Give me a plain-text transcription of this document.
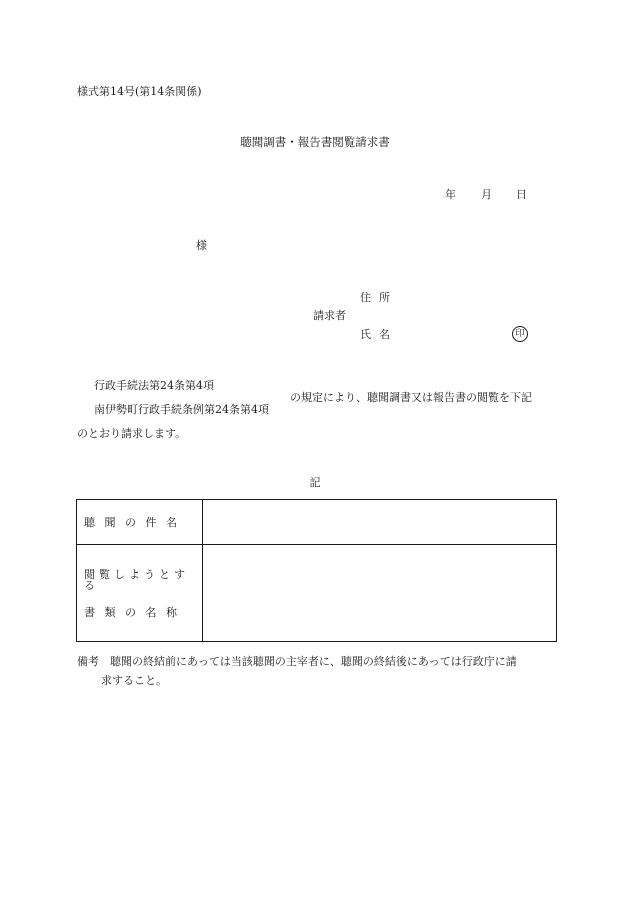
様式第14号(第14条関係)
聴聞調書・報告書閲覧請求書
年 月 日
様
請求者
住所
氏名	印
行政手続法第24条第4項
南伊勢町行政手続条例第24条第4項
の規定により、聴聞調書又は報告書の閲覧を下記
のとおり請求します。
記
聴聞の件名	

閲覧しようとする
書類の名称	

備考　聴聞の終結前にあっては当該聴聞の主宰者に、聴聞の終結後にあっては行政庁に請
求すること。
